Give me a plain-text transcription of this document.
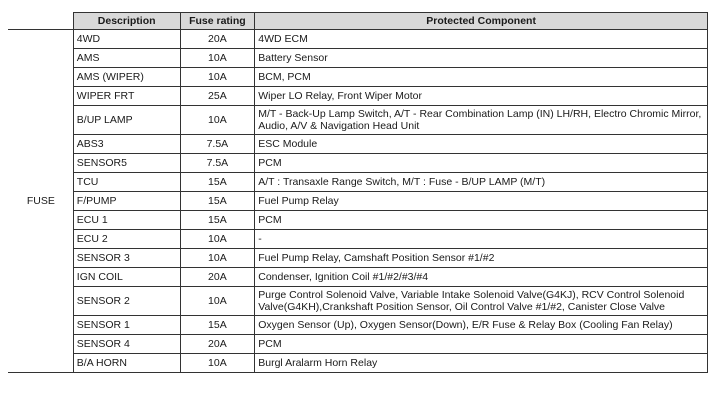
	Description	Fuse rating	Protected Component
FUSE	4WD	20A	4WD ECM
	AMS	10A	Battery Sensor
	AMS (WIPER)	10A	BCM, PCM
	WIPER FRT	25A	Wiper LO Relay, Front Wiper Motor
	B/UP LAMP	10A	M/T - Back-Up Lamp Switch, A/T - Rear Combination Lamp (IN) LH/RH, Electro Chromic Mirror, Audio, A/V & Navigation Head Unit
	ABS3	7.5A	ESC Module
	SENSOR5	7.5A	PCM
	TCU	15A	A/T : Transaxle Range Switch, M/T : Fuse - B/UP LAMP (M/T)
	F/PUMP	15A	Fuel Pump Relay
	ECU 1	15A	PCM
	ECU 2	10A	-
	SENSOR 3	10A	Fuel Pump Relay, Camshaft Position Sensor #1/#2
	IGN COIL	20A	Condenser, Ignition Coil #1/#2/#3/#4
	SENSOR 2	10A	Purge Control Solenoid Valve, Variable Intake Solenoid Valve(G4KJ), RCV Control Solenoid Valve(G4KH),Crankshaft Position Sensor, Oil Control Valve #1/#2, Canister Close Valve
	SENSOR 1	15A	Oxygen Sensor (Up), Oxygen Sensor(Down), E/R Fuse & Relay Box (Cooling Fan Relay)
	SENSOR 4	20A	PCM
	B/A HORN	10A	Burgl Aralarm Horn Relay
